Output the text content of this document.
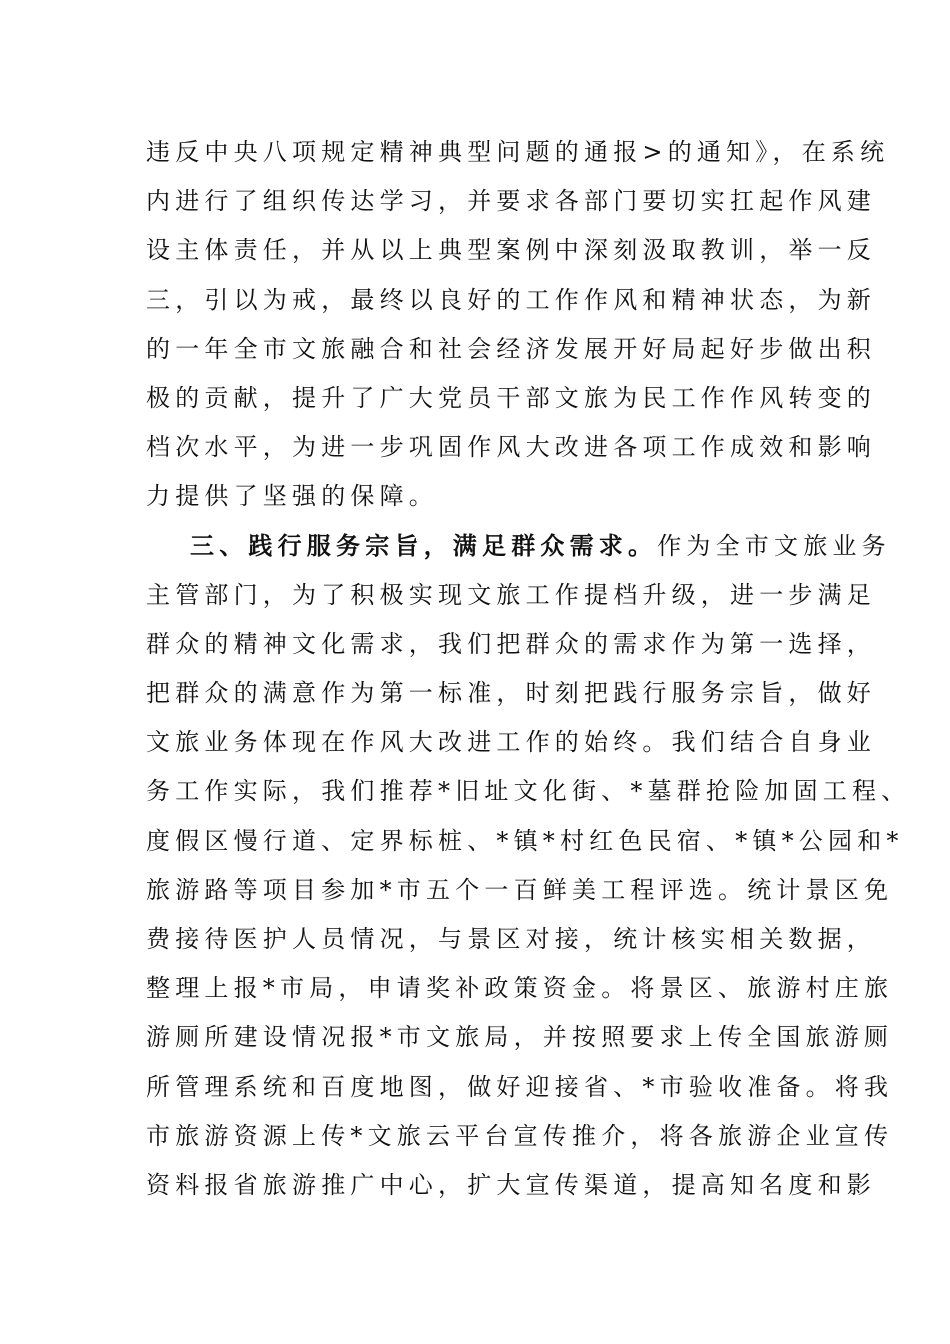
违反中央八项规定精神典型问题的通报>的通知》，在系统
内进行了组织传达学习，并要求各部门要切实扛起作风建
设主体责任，并从以上典型案例中深刻汲取教训，举一反
三，引以为戒，最终以良好的工作作风和精神状态，为新
的一年全市文旅融合和社会经济发展开好局起好步做出积
极的贡献，提升了广大党员干部文旅为民工作作风转变的
档次水平，为进一步巩固作风大改进各项工作成效和影响
力提供了坚强的保障。
三、践行服务宗旨，满足群众需求。作为全市文旅业务
主管部门，为了积极实现文旅工作提档升级，进一步满足
群众的精神文化需求，我们把群众的需求作为第一选择，
把群众的满意作为第一标准，时刻把践行服务宗旨，做好
文旅业务体现在作风大改进工作的始终。我们结合自身业
务工作实际，我们推荐*旧址文化街、*墓群抢险加固工程、
度假区慢行道、定界标桩、*镇*村红色民宿、*镇*公园和*
旅游路等项目参加*市五个一百鲜美工程评选。统计景区免
费接待医护人员情况，与景区对接，统计核实相关数据，
整理上报*市局，申请奖补政策资金。将景区、旅游村庄旅
游厕所建设情况报*市文旅局，并按照要求上传全国旅游厕
所管理系统和百度地图，做好迎接省、*市验收准备。将我
市旅游资源上传*文旅云平台宣传推介，将各旅游企业宣传
资料报省旅游推广中心，扩大宣传渠道，提高知名度和影
